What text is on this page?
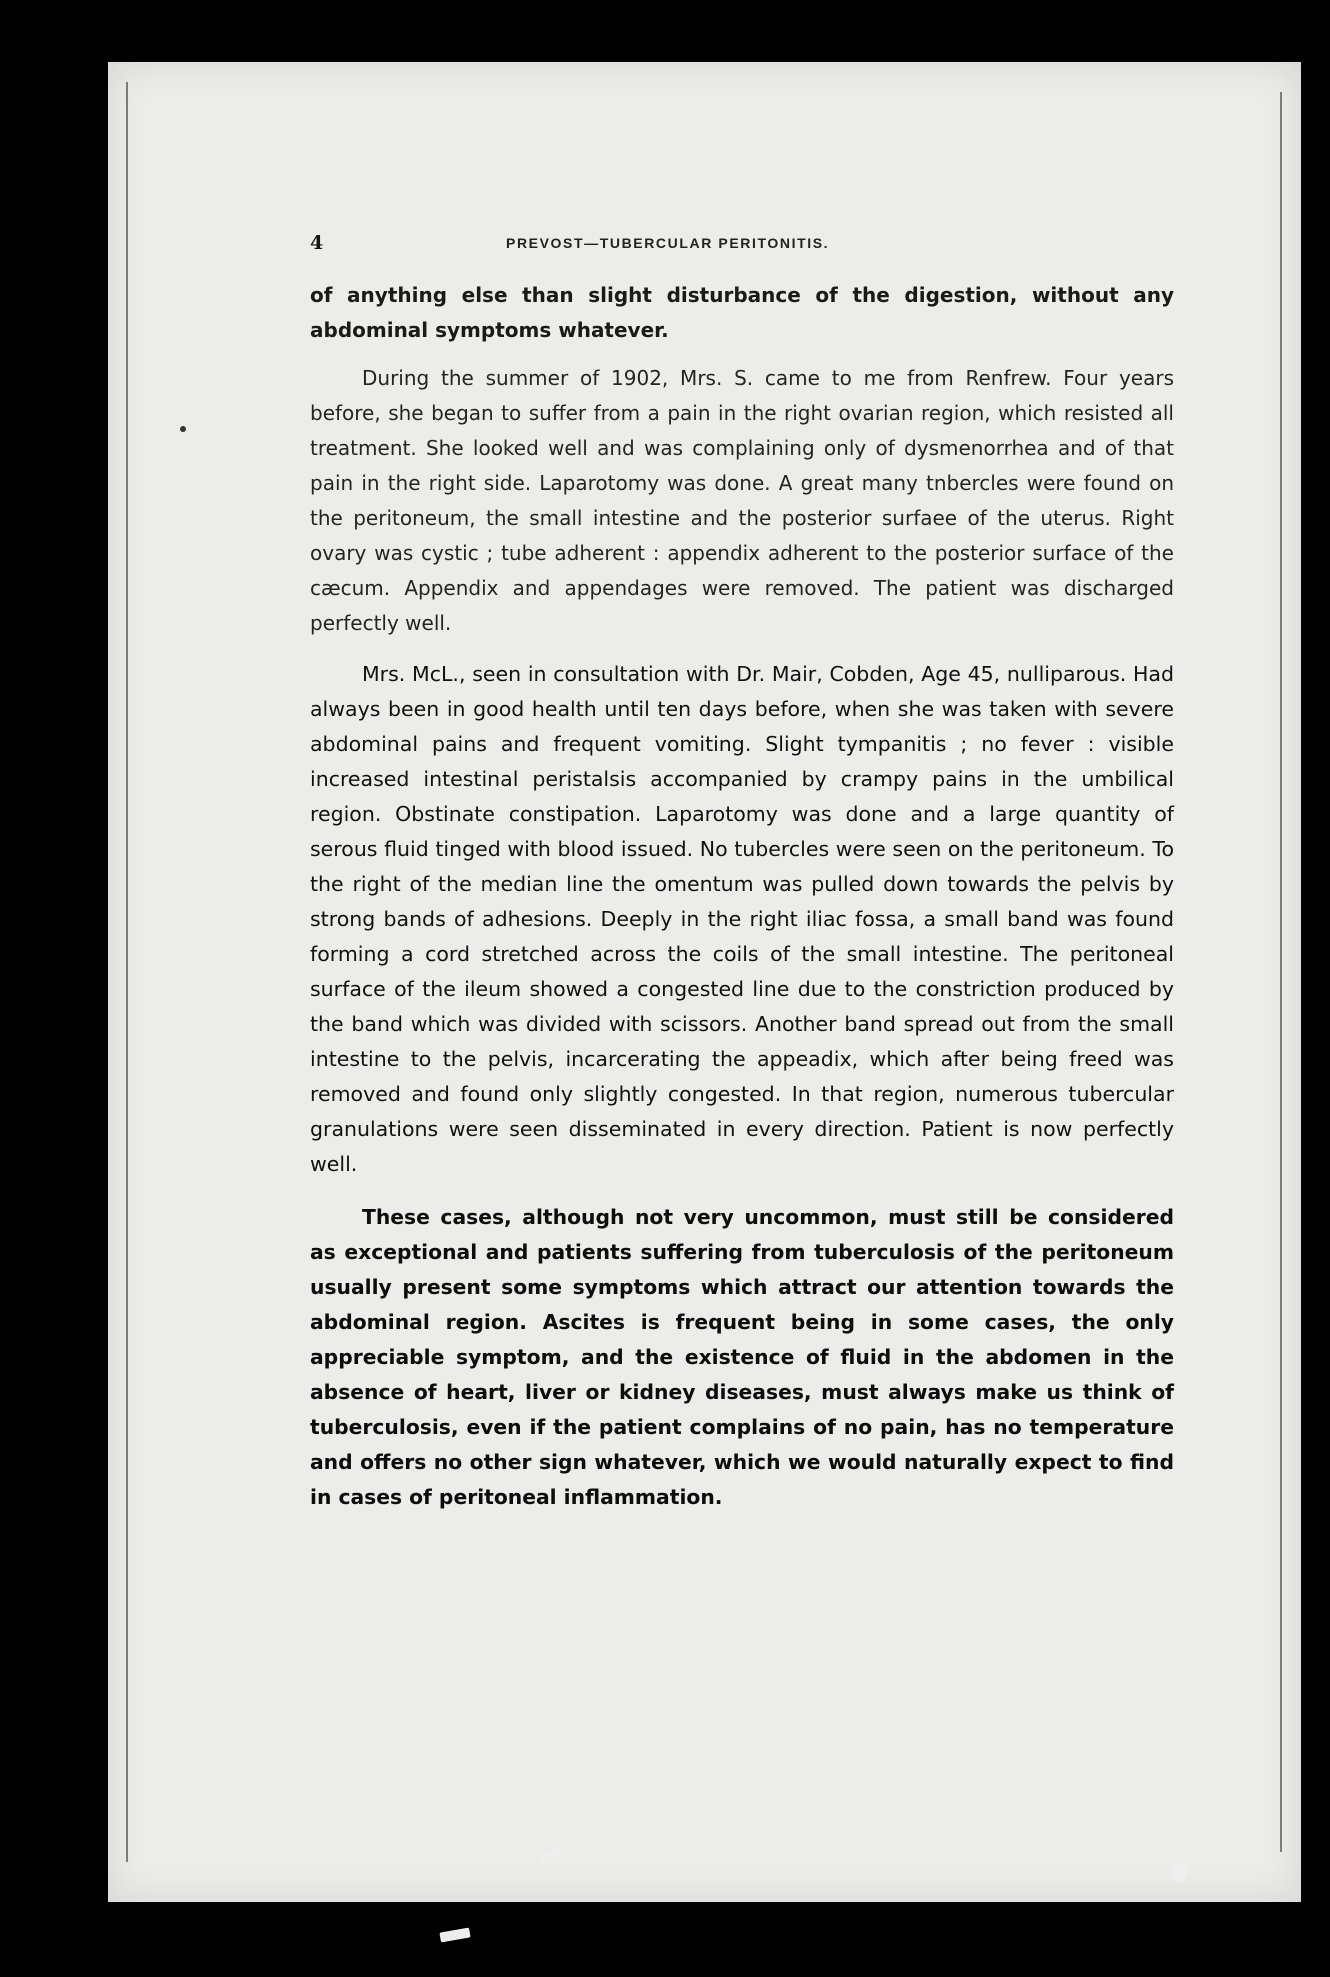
4	PREVOST—TUBERCULAR PERITONITIS.

of anything else than slight disturbance of the digestion, without any abdominal symptoms whatever.

During the summer of 1902, Mrs. S. came to me from Renfrew. Four years before, she began to suffer from a pain in the right ovarian region, which resisted all treatment. She looked well and was complaining only of dysmenorrhea and of that pain in the right side. Laparotomy was done. A great many tnbercles were found on the peritoneum, the small intestine and the posterior surfaee of the uterus. Right ovary was cystic ; tube adherent : appendix adherent to the posterior surface of the cæcum. Appendix and appendages were removed. The patient was discharged perfectly well.

Mrs. McL., seen in consultation with Dr. Mair, Cobden, Age 45, nulliparous. Had always been in good health until ten days before, when she was taken with severe abdominal pains and frequent vomiting. Slight tympanitis ; no fever : visible increased intestinal peristalsis accompanied by crampy pains in the umbilical region. Obstinate constipation. Laparotomy was done and a large quantity of serous fluid tinged with blood issued. No tubercles were seen on the peritoneum. To the right of the median line the omentum was pulled down towards the pelvis by strong bands of adhesions. Deeply in the right iliac fossa, a small band was found forming a cord stretched across the coils of the small intestine. The peritoneal surface of the ileum showed a congested line due to the constriction produced by the band which was divided with scissors. Another band spread out from the small intestine to the pelvis, incarcerating the appeadix, which after being freed was removed and found only slightly congested. In that region, numerous tubercular granulations were seen disseminated in every direction. Patient is now perfectly well.

These cases, although not very uncommon, must still be considered as exceptional and patients suffering from tuberculosis of the peritoneum usually present some symptoms which attract our attention towards the abdominal region. Ascites is frequent being in some cases, the only appreciable symptom, and the existence of fluid in the abdomen in the absence of heart, liver or kidney diseases, must always make us think of tuberculosis, even if the patient complains of no pain, has no temperature and offers no other sign whatever, which we would naturally expect to find in cases of peritoneal inflammation.
